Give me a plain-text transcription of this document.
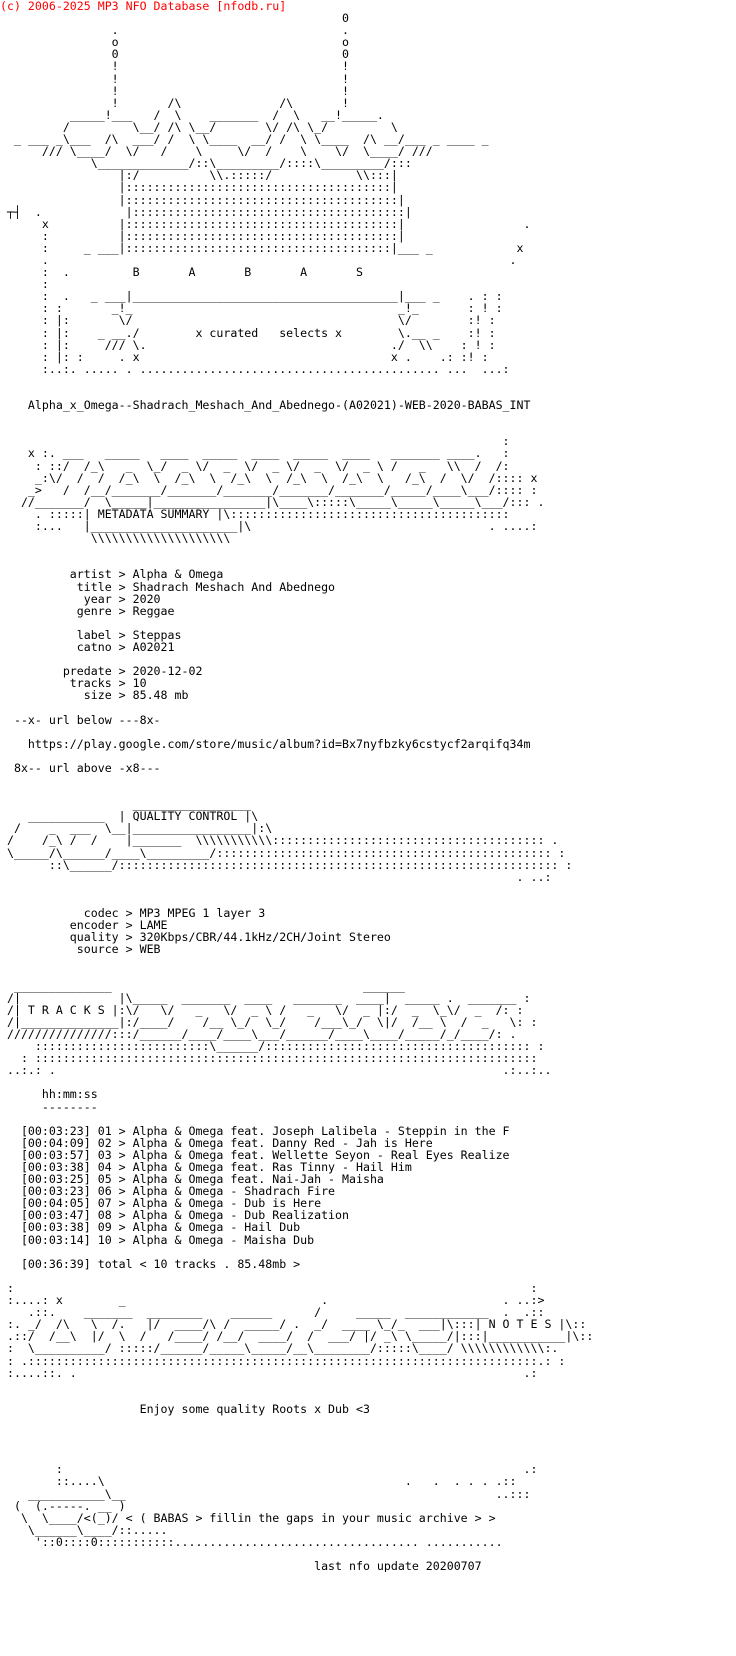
(c) 2006-2025 MP3 NFO Database [nfodb.ru]
0
.                                .
o                                o
0                                0
!                                !
!                                !
!                                !
!       /\              /\       !
_____!___   /  \    _______  /  \   __!_____.
/         \__/ /\ \__/       \/ /\ \_/         \
_ ___ _\___  /\  ___/ /  \ \____  __/ /  \ \____  /\ __/___ _ ____ _
/// \____/  \/   /    \     \/  /    \    \/  \____/ ///
\_____________/::\_________/::::\_________/:::
|:/          \\.:::::/            \\:::|
|::::::::::::::::::::::::::::::::::::::|
|:::::::::::::::::::::::::::::::::::::::|
┬┤  .            |:::::::::::::::::::::::::::::::::::::::|
x          |:::::::::::::::::::::::::::::::::::::::|                 .
:          |:::::::::::::::::::::::::::::::::::::::|
:     _ ___|::::::::::::::::::::::::::::::::::::::|___ _            x
.                                                                  .
:  .         B       A       B       A       S
:
:  .   _ ___|______________________________________|___ _    . : :
: :       _!_                                      _!_       : ! :
: |:       \/                                      \/        :! :
: |:    _ __./        x curated   selects x        \.__ _    :! :
: |:     /// \.                                   ./  \\    : ! :
: |: :     . x                                    x .    .: :! :
:..:. ..... . ........................................... ...  ...:

Alpha_x_Omega--Shadrach_Meshach_And_Abednego-(A02021)-WEB-2020-BABAS_INT

:
x :. ___   _____   ____  _____  ____  _____  ____   _______ ____.   :
: ::/  /_\   _  \_/  _ \/  _  \/  _ \/  _  \/  _ \ /   _   \\  /  /:
_:\/  /  /  /_\  \  /_\  \  /_\  \  /_\  \  /_\  \   /_\  /  \/  /:::: x
_>   /  /__/_______/_______/_______/_______/_______/_____/____\___/:::: :
//_______/  \_____|________________|\____\:::::\_____\_____\_____\___/::: .
. :::::| METADATA SUMMARY |\::::::::::::::::::::::::::::::::::::::::
:...   |_____________________|\                                  . ....:
\\\\\\\\\\\\\\\\\\\\

artist > Alpha & Omega
title > Shadrach Meshach And Abednego
year > 2020
genre > Reggae

label > Steppas
catno > A02021

predate > 2020-12-02
tracks > 10
size > 85.48 mb

--x- url below ---8x-

https://play.google.com/store/music/album?id=Bx7nyfbzky6cstycf2arqifq34m

8x-- url above -x8---

_________________
___________  | QUALITY CONTROL |\
/    _  ___  \__|_________________|:\
/    /_\ /  /    |_______  \\\\\\\\\\\::::::::::::::::::::::::::::::::::::::: .
\_____/\______/____\_________/:::::::::::::::::::::::::::::::::::::::::::::::: :
::\______/::::::::::::::::::::::::::::::::::::::::::::::::::::::::::::::: :
. ..:

codec > MP3 MPEG 1 layer 3
encoder > LAME
quality > 320Kbps/CBR/44.1kHz/2CH/Joint Stereo
source > WEB

______________                                    ______
/|              |\_____  _______  ____   _______  ____|  _____ .  _______ :
/| T R A C K S |:\/   \/   _   \/  _ \ /   _   \/  _ |:/  _  \_\/  _  /: :
/|______________|:/____/    /__ \_/  \_/    /___\_/  \|/  /__ \  /  _   \: :
///////////////:::/______/____/____\___/______/____\____/_____/_/____/: .
:::::::::::::::::::::::::\______/:::::::::::::::::::::::::::::::::::::: :
: ::::::::::::::::::::::::::::::::::::::::::::::::::::::::::::::::::::::::
..:.: .                                                                .:..:..

hh:mm:ss
--------

[00:03:23] 01 > Alpha & Omega feat. Joseph Lalibela - Steppin in the F
[00:04:09] 02 > Alpha & Omega feat. Danny Red - Jah is Here
[00:03:57] 03 > Alpha & Omega feat. Wellette Seyon - Real Eyes Realize
[00:03:38] 04 > Alpha & Omega feat. Ras Tinny - Hail Him
[00:03:25] 05 > Alpha & Omega feat. Nai-Jah - Maisha
[00:03:23] 06 > Alpha & Omega - Shadrach Fire
[00:04:05] 07 > Alpha & Omega - Dub is Here
[00:03:47] 08 > Alpha & Omega - Dub Realization
[00:03:38] 09 > Alpha & Omega - Hail Dub
[00:03:14] 10 > Alpha & Omega - Maisha Dub

[00:36:39] total < 10 tracks . 85.48mb >

:                                                                          :
:....: x        _                            .                         . ..:>
.::.    _______  ________    ______      /     _____  ____________  .  .::
:. _/  /\   \  /.   |/  ____/\ /  _____/ .  _/  ____ \_/_  ___|\:::| N O T E S |\::
.::/  /__\  |/  \  /   /____/ /__/  ____/  /  ___/ |/ _\ \_____/|:::|___________|\::
:  \__________/ :::::/______/_____\_____/__\________/:::::\____/ \\\\\\\\\\\\:.
: .:::::::::::::::::::::::::::::::::::::::::::::::::::::::::::::::::::::::::.: :
:....::. .                                                                .:

Enjoy some quality Roots x Dub <3

:                                                                  .:
::....\                                           .   .  . . . .::
___________\__                                                     ..:::
(  (.-----. __ )
\  \____/<(_)/ < ( BABAS > fillin the gaps in your music archive > >
\______\____/::.....
'::0::::0:::::::::::................................... ...........

last nfo update 20200707
